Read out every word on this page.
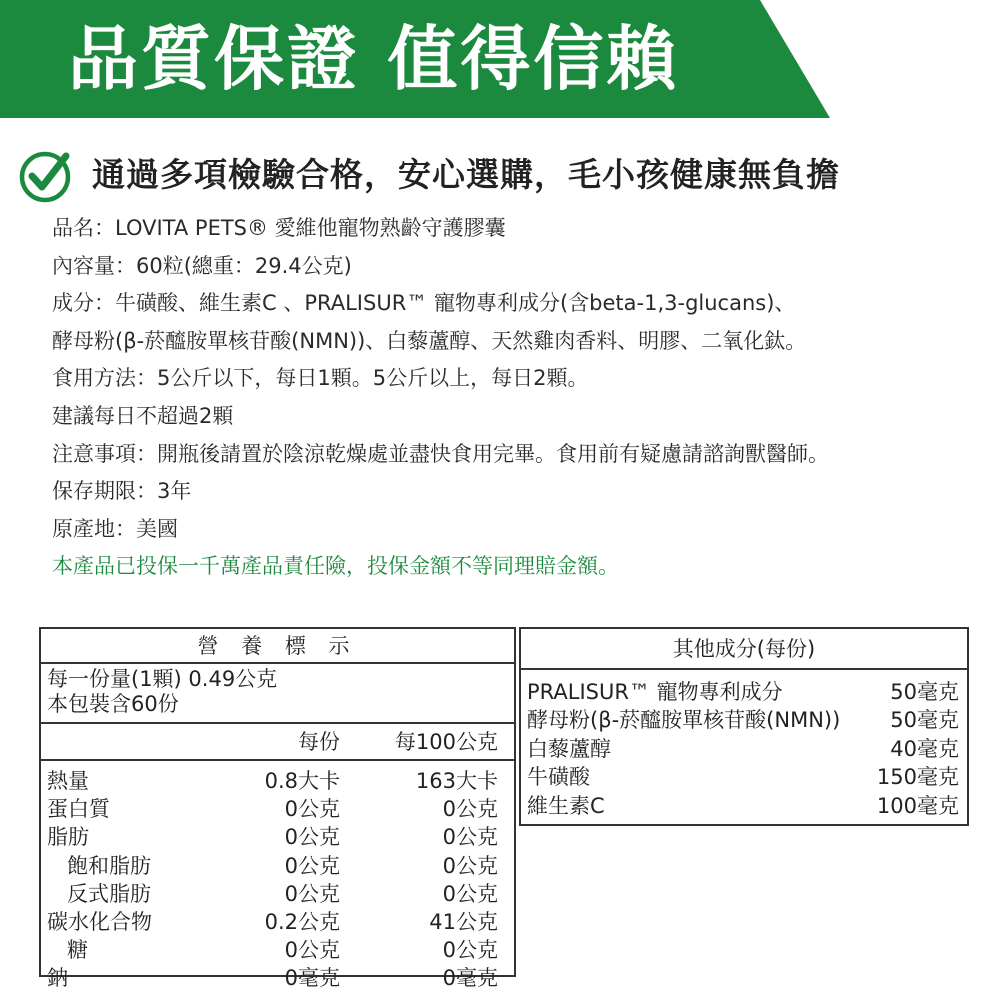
品質保證 值得信賴
通過多項檢驗合格，安心選購，毛小孩健康無負擔
品名：LOVITA PETS® 愛維他寵物熟齡守護膠囊
內容量：60粒(總重：29.4公克)
成分：牛磺酸、維生素C 、PRALISUR™ 寵物專利成分(含beta-1,3-glucans)、
酵母粉(β-菸醯胺單核苷酸(NMN))、白藜蘆醇、天然雞肉香料、明膠、二氧化鈦。
食用方法：5公斤以下，每日1顆。5公斤以上，每日2顆。
建議每日不超過2顆
注意事項：開瓶後請置於陰涼乾燥處並盡快食用完畢。食用前有疑慮請諮詢獸醫師。
保存期限：3年
原產地：美國
本產品已投保一千萬產品責任險，投保金額不等同理賠金額。
營 養 標 示
每一份量(1顆) 0.49公克
本包裝含60份
每份	每100公克
熱量	0.8大卡	163大卡
蛋白質	0公克	0公克
脂肪	0公克	0公克
飽和脂肪	0公克	0公克
反式脂肪	0公克	0公克
碳水化合物	0.2公克	41公克
糖	0公克	0公克
鈉	0毫克	0毫克
其他成分(每份)
PRALISUR™ 寵物專利成分	50毫克
酵母粉(β-菸醯胺單核苷酸(NMN)) 50毫克
白藜蘆醇	40毫克
牛磺酸	150毫克
維生素C	100毫克
